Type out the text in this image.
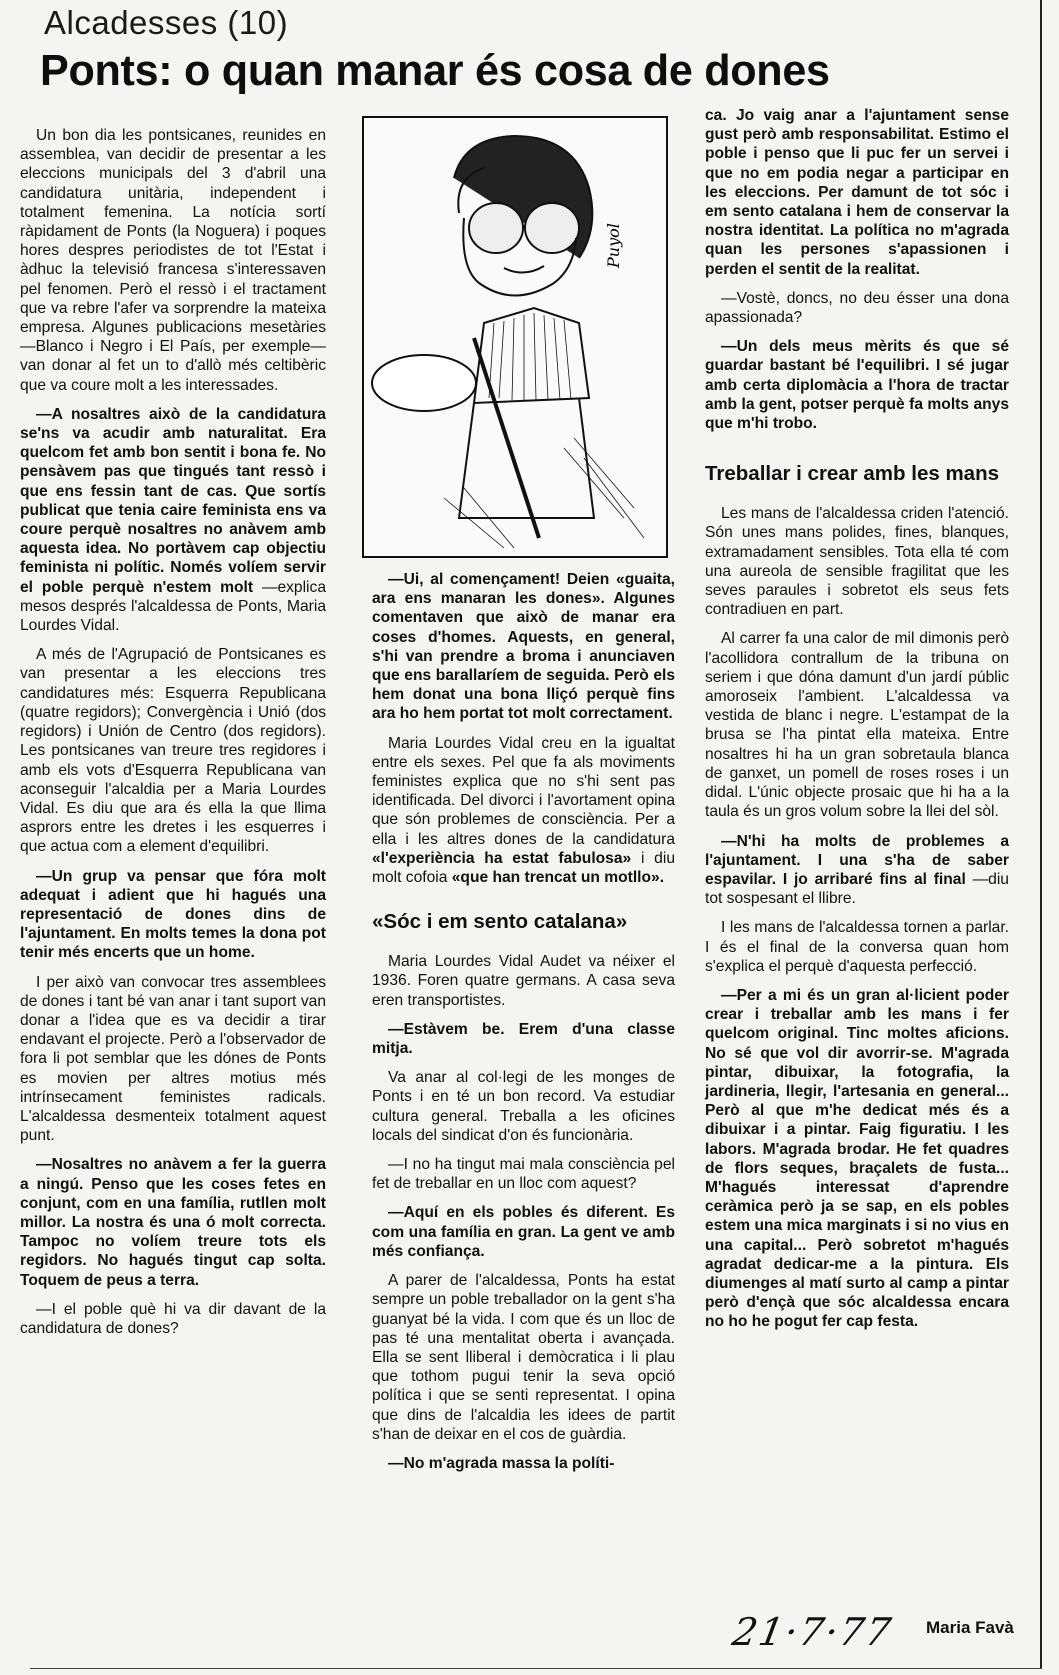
Alcadesses (10)
Ponts: o quan manar és cosa de dones

Un bon dia les pontsicanes, reunides en assemblea, van decidir de presentar a les eleccions municipals del 3 d'abril una candidatura unitària, independent i totalment femenina. La notícia sortí ràpidament de Ponts (la Noguera) i poques hores despres periodistes de tot l'Estat i àdhuc la televisió francesa s'interessaven pel fenomen. Però el ressò i el tractament que va rebre l'afer va sorprendre la mateixa empresa. Algunes publicacions mesetàries —Blanco i Negro i El País, per exemple— van donar al fet un to d'allò més celtibèric que va coure molt a les interessades.

—A nosaltres això de la candidatura se'ns va acudir amb naturalitat. Era quelcom fet amb bon sentit i bona fe. No pensàvem pas que tingués tant ressò i que ens fessin tant de cas. Que sortís publicat que tenia caire feminista ens va coure perquè nosaltres no anàvem amb aquesta idea. No portàvem cap objectiu feminista ni polític. Només volíem servir el poble perquè n'estem molt —explica mesos després l'alcaldessa de Ponts, Maria Lourdes Vidal.

A més de l'Agrupació de Pontsicanes es van presentar a les eleccions tres candidatures més: Esquerra Republicana (quatre regidors); Convergència i Unió (dos regidors) i Unión de Centro (dos regidors). Les pontsicanes van treure tres regidores i amb els vots d'Esquerra Republicana van aconseguir l'alcaldia per a Maria Lourdes Vidal. Es diu que ara és ella la que llima asprors entre les dretes i les esquerres i que actua com a element d'equilibri.

—Un grup va pensar que fóra molt adequat i adient que hi hagués una representació de dones dins de l'ajuntament. En molts temes la dona pot tenir més encerts que un home.

I per això van convocar tres assemblees de dones i tant bé van anar i tant suport van donar a l'idea que es va decidir a tirar endavant el projecte. Però a l'observador de fora li pot semblar que les dónes de Ponts es movien per altres motius més intrínsecament feministes radicals. L'alcaldessa desmenteix totalment aquest punt.

—Nosaltres no anàvem a fer la guerra a ningú. Penso que les coses fetes en conjunt, com en una família, rutllen molt millor. La nostra és una ó molt correcta. Tampoc no volíem treure tots els regidors. No hagués tingut cap solta. Toquem de peus a terra.

—I el poble què hi va dir davant de la candidatura de dones?

Puyol

—Ui, al començament! Deien «guaita, ara ens manaran les dones». Algunes comentaven que això de manar era coses d'homes. Aquests, en general, s'hi van prendre a broma i anunciaven que ens barallaríem de seguida. Però els hem donat una bona lliçó perquè fins ara ho hem portat tot molt correctament.

Maria Lourdes Vidal creu en la igualtat entre els sexes. Pel que fa als moviments feministes explica que no s'hi sent pas identificada. Del divorci i l'avortament opina que són problemes de consciència. Per a ella i les altres dones de la candidatura «l'experiència ha estat fabulosa» i diu molt cofoia «que han trencat un motllo».

«Sóc i em sento catalana»

Maria Lourdes Vidal Audet va néixer el 1936. Foren quatre germans. A casa seva eren transportistes.

—Estàvem be. Erem d'una classe mitja.

Va anar al col·legi de les monges de Ponts i en té un bon record. Va estudiar cultura general. Treballa a les oficines locals del sindicat d'on és funcionària.

—I no ha tingut mai mala consciència pel fet de treballar en un lloc com aquest?

—Aquí en els pobles és diferent. Es com una família en gran. La gent ve amb més confiança.

A parer de l'alcaldessa, Ponts ha estat sempre un poble treballador on la gent s'ha guanyat bé la vida. I com que és un lloc de pas té una mentalitat oberta i avançada. Ella se sent lliberal i demòcratica i li plau que tothom pugui tenir la seva opció política i que se senti representat. I opina que dins de l'alcaldia les idees de partit s'han de deixar en el cos de guàrdia.

—No m'agrada massa la políti-

ca. Jo vaig anar a l'ajuntament sense gust però amb responsabilitat. Estimo el poble i penso que li puc fer un servei i que no em podia negar a participar en les eleccions. Per damunt de tot sóc i em sento catalana i hem de conservar la nostra identitat. La política no m'agrada quan les persones s'apassionen i perden el sentit de la realitat.

—Vostè, doncs, no deu ésser una dona apassionada?

—Un dels meus mèrits és que sé guardar bastant bé l'equilibri. I sé jugar amb certa diplomàcia a l'hora de tractar amb la gent, potser perquè fa molts anys que m'hi trobo.

Treballar i crear amb les mans

Les mans de l'alcaldessa criden l'atenció. Són unes mans polides, fines, blanques, extramadament sensibles. Tota ella té com una aureola de sensible fragilitat que les seves paraules i sobretot els seus fets contradiuen en part.

Al carrer fa una calor de mil dimonis però l'acollidora contrallum de la tribuna on seriem i que dóna damunt d'un jardí públic amoroseix l'ambient. L'alcaldessa va vestida de blanc i negre. L'estampat de la brusa se l'ha pintat ella mateixa. Entre nosaltres hi ha un gran sobretaula blanca de ganxet, un pomell de roses roses i un didal. L'únic objecte prosaic que hi ha a la taula és un gros volum sobre la llei del sòl.

—N'hi ha molts de problemes a l'ajuntament. I una s'ha de saber espavilar. I jo arribaré fins al final —diu tot sospesant el llibre.

I les mans de l'alcaldessa tornen a parlar. I és el final de la conversa quan hom s'explica el perquè d'aquesta perfecció.

—Per a mi és un gran al·licient poder crear i treballar amb les mans i fer quelcom original. Tinc moltes aficions. No sé que vol dir avorrir-se. M'agrada pintar, dibuixar, la fotografia, la jardineria, llegir, l'artesania en general... Però al que m'he dedicat més és a dibuixar i a pintar. Faig figuratiu. I les labors. M'agrada brodar. He fet quadres de flors seques, braçalets de fusta... M'hagués interessat d'aprendre ceràmica però ja se sap, en els pobles estem una mica marginats i si no vius en una capital... Però sobretot m'hagués agradat dedicar-me a la pintura. Els diumenges al matí surto al camp a pintar però d'ençà que sóc alcaldessa encara no ho he pogut fer cap festa.

21·7·77 Maria Favà
